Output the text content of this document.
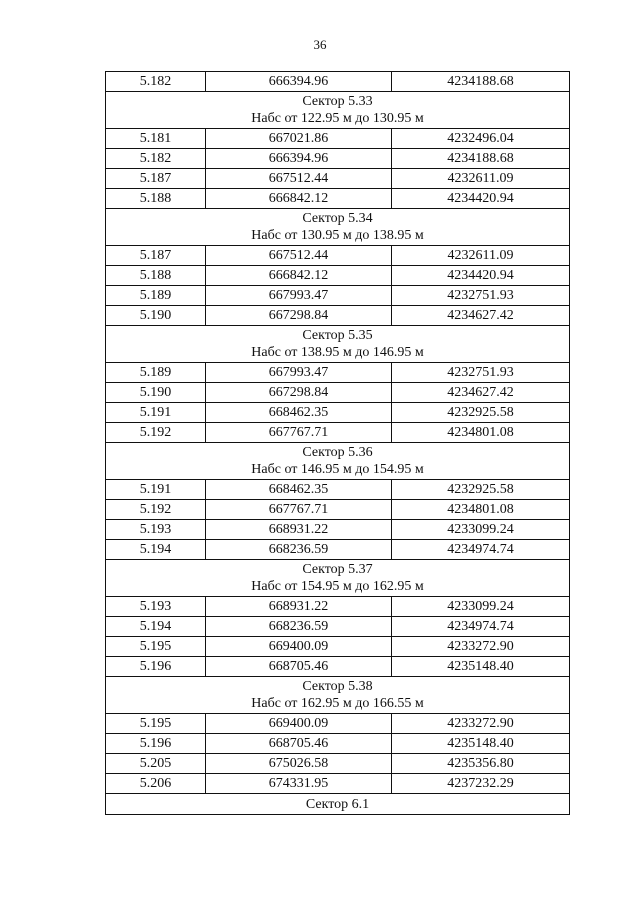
36
5.182	666394.96	4234188.68

Сектор 5.33
Набс от 122.95 м до 130.95 м		

5.181	667021.86	4232496.04
5.182	666394.96	4234188.68
5.187	667512.44	4232611.09
5.188	666842.12	4234420.94

Сектор 5.34
Набс от 130.95 м до 138.95 м		

5.187	667512.44	4232611.09
5.188	666842.12	4234420.94
5.189	667993.47	4232751.93
5.190	667298.84	4234627.42

Сектор 5.35
Набс от 138.95 м до 146.95 м		

5.189	667993.47	4232751.93
5.190	667298.84	4234627.42
5.191	668462.35	4232925.58
5.192	667767.71	4234801.08

Сектор 5.36
Набс от 146.95 м до 154.95 м		

5.191	668462.35	4232925.58
5.192	667767.71	4234801.08
5.193	668931.22	4233099.24
5.194	668236.59	4234974.74

Сектор 5.37
Набс от 154.95 м до 162.95 м		

5.193	668931.22	4233099.24
5.194	668236.59	4234974.74
5.195	669400.09	4233272.90
5.196	668705.46	4235148.40

Сектор 5.38
Набс от 162.95 м до 166.55 м		

5.195	669400.09	4233272.90
5.196	668705.46	4235148.40
5.205	675026.58	4235356.80
5.206	674331.95	4237232.29

Сектор 6.1		
